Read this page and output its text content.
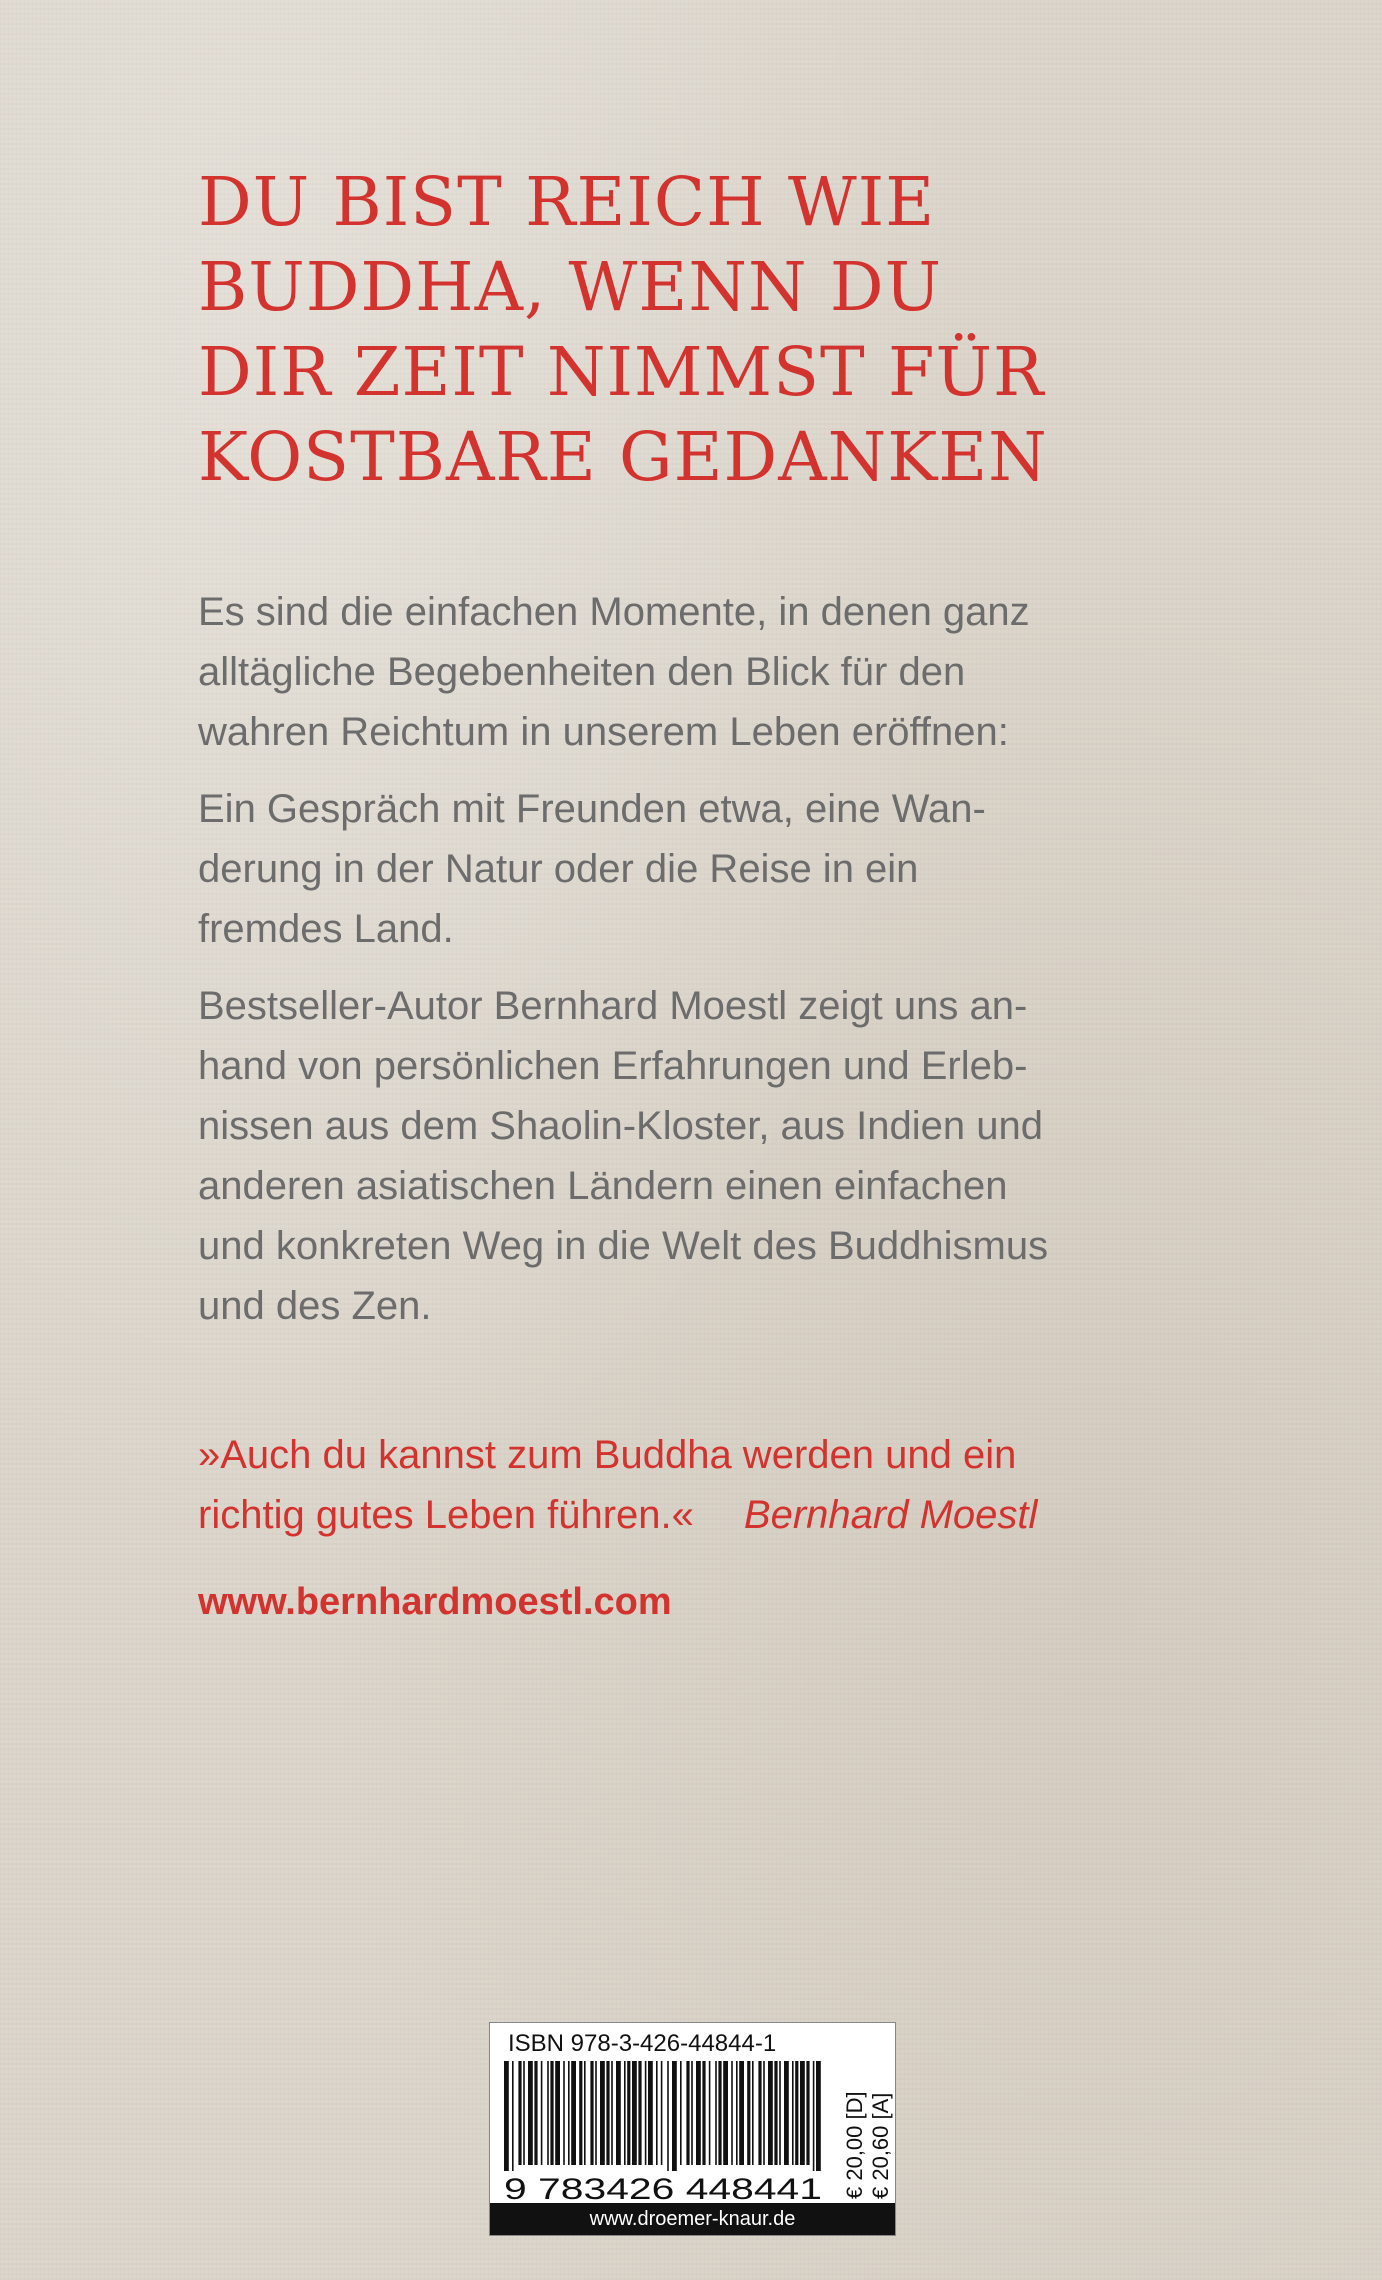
DU BIST REICH WIE
BUDDHA, WENN DU
DIR ZEIT NIMMST FÜR
KOSTBARE GEDANKEN

Es sind die einfachen Momente, in denen ganz
alltägliche Begebenheiten den Blick für den
wahren Reichtum in unserem Leben eröffnen:

Ein Gespräch mit Freunden etwa, eine Wan-
derung in der Natur oder die Reise in ein
fremdes Land.

Bestseller-Autor Bernhard Moestl zeigt uns an-
hand von persönlichen Erfahrungen und Erleb-
nissen aus dem Shaolin-Kloster, aus Indien und
anderen asiatischen Ländern einen einfachen
und konkreten Weg in die Welt des Buddhismus
und des Zen.

»Auch du kannst zum Buddha werden und ein
richtig gutes Leben führen.« Bernhard Moestl
www.bernhardmoestl.com
ISBN 978-3-426-44844-1
9 783426 448441 € 20,00 [D] € 20,60 [A]
www.droemer-knaur.de
